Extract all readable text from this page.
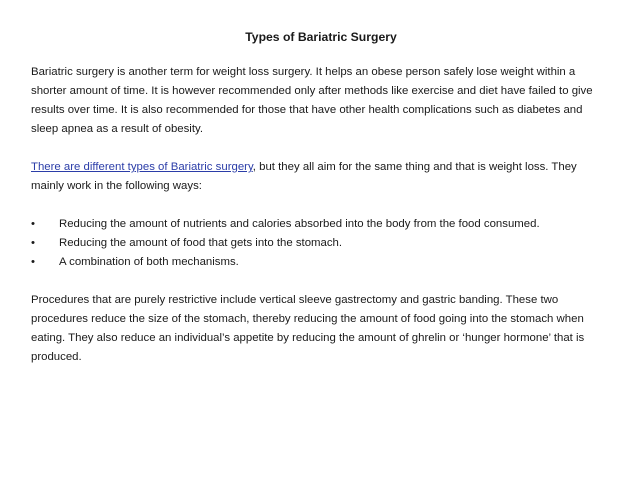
Types of Bariatric Surgery

Bariatric surgery is another term for weight loss surgery. It helps an obese person safely lose weight within a shorter amount of time. It is however recommended only after methods like exercise and diet have failed to give results over time. It is also recommended for those that have other health complications such as diabetes and sleep apnea as a result of obesity.

There are different types of Bariatric surgery, but they all aim for the same thing and that is weight loss. They mainly work in the following ways:

•	Reducing the amount of nutrients and calories absorbed into the body from the food consumed.
•	Reducing the amount of food that gets into the stomach.
•	A combination of both mechanisms.

Procedures that are purely restrictive include vertical sleeve gastrectomy and gastric banding. These two procedures reduce the size of the stomach, thereby reducing the amount of food going into the stomach when eating. They also reduce an individual’s appetite by reducing the amount of ghrelin or ‘hunger hormone’ that is produced.
